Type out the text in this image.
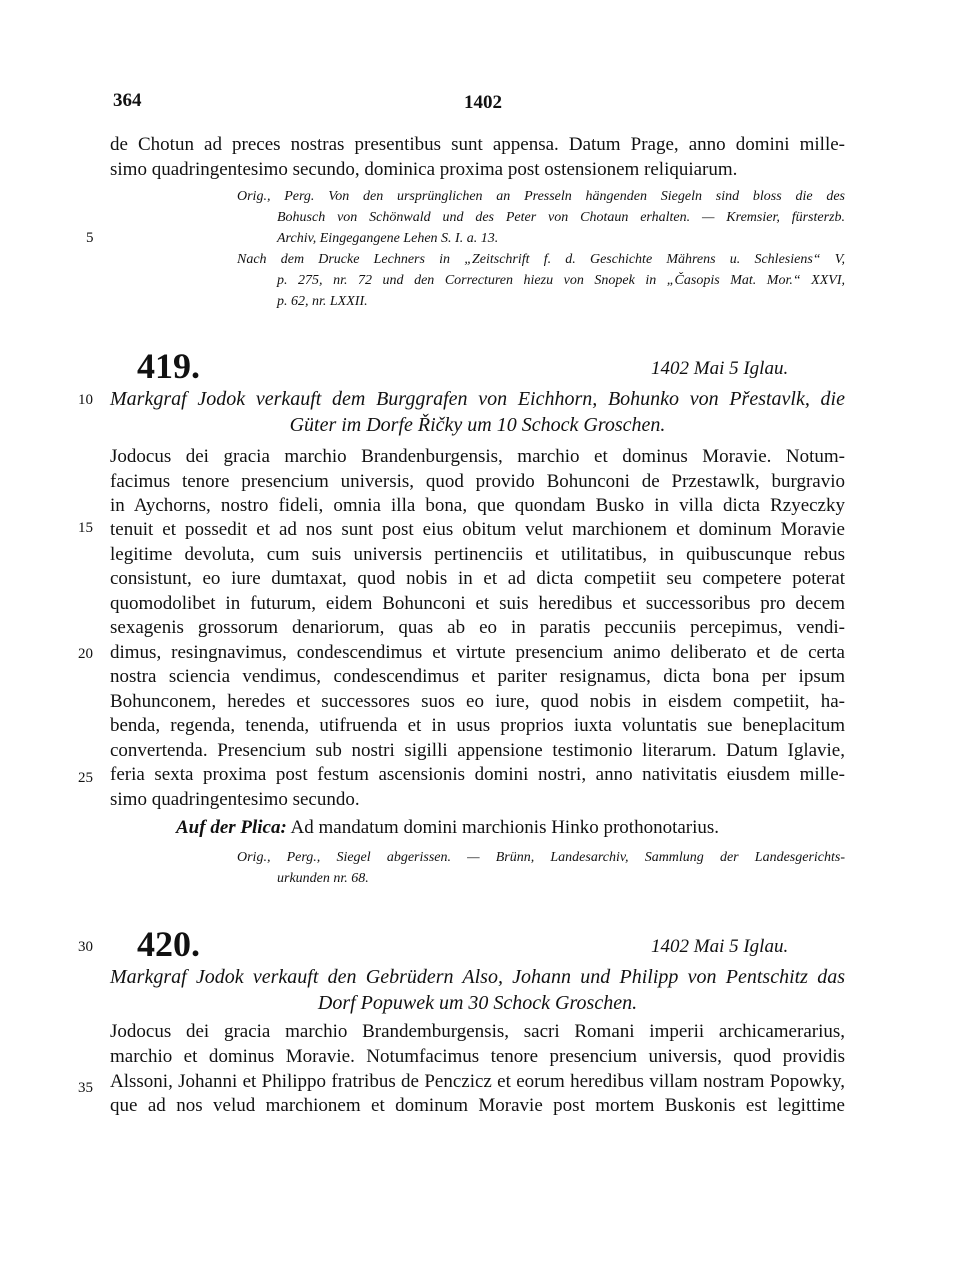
364	1402
de Chotun ad preces nostras presentibus sunt appensa. Datum Prage, anno domini mille-
simo quadringentesimo secundo, dominica proxima post ostensionem reliquiarum.
Orig., Perg. Von den ursprünglichen an Presseln hängenden Siegeln sind bloss die des
Bohusch von Schönwald und des Peter von Chotaun erhalten. — Kremsier, fürsterzb.
Archiv, Eingegangene Lehen S. I. a. 13.
Nach dem Drucke Lechners in „Zeitschrift f. d. Geschichte Mährens u. Schlesiens“ V,
p. 275, nr. 72 und den Correcturen hiezu von Snopek in „Časopis Mat. Mor.“ XXVI,
p. 62, nr. LXXII.
5
10
15
20
25
30
35
419.	1402 Mai 5 Iglau.
Markgraf Jodok verkauft dem Burggrafen von Eichhorn, Bohunko von Přestavlk, die
Güter im Dorfe Řičky um 10 Schock Groschen.
Jodocus dei gracia marchio Brandenburgensis, marchio et dominus Moravie. Notum-
facimus tenore presencium universis, quod provido Bohunconi de Przestawlk, burgravio
in Aychorns, nostro fideli, omnia illa bona, que quondam Busko in villa dicta Rzyeczky
tenuit et possedit et ad nos sunt post eius obitum velut marchionem et dominum Moravie
legitime devoluta, cum suis universis pertinenciis et utilitatibus, in quibuscunque rebus
consistunt, eo iure dumtaxat, quod nobis in et ad dicta competiit seu competere poterat
quomodolibet in futurum, eidem Bohunconi et suis heredibus et successoribus pro decem
sexagenis grossorum denariorum, quas ab eo in paratis peccuniis percepimus, vendi-
dimus, resingnavimus, condescendimus et virtute presencium animo deliberato et de certa
nostra sciencia vendimus, condescendimus et pariter resignamus, dicta bona per ipsum
Bohunconem, heredes et successores suos eo iure, quod nobis in eisdem competiit, ha-
benda, regenda, tenenda, utifruenda et in usus proprios iuxta voluntatis sue beneplacitum
convertenda. Presencium sub nostri sigilli appensione testimonio literarum. Datum Iglavie,
feria sexta proxima post festum ascensionis domini nostri, anno nativitatis eiusdem mille-
simo quadringentesimo secundo.
Auf der Plica: Ad mandatum domini marchionis Hinko prothonotarius.
Orig., Perg., Siegel abgerissen. — Brünn, Landesarchiv, Sammlung der Landesgerichts-
urkunden nr. 68.
420.	1402 Mai 5 Iglau.
Markgraf Jodok verkauft den Gebrüdern Also, Johann und Philipp von Pentschitz das
Dorf Popuwek um 30 Schock Groschen.
Jodocus dei gracia marchio Brandemburgensis, sacri Romani imperii archicamerarius,
marchio et dominus Moravie. Notumfacimus tenore presencium universis, quod providis
Alssoni, Johanni et Philippo fratribus de Penczicz et eorum heredibus villam nostram Popowky,
que ad nos velud marchionem et dominum Moravie post mortem Buskonis est legittime
